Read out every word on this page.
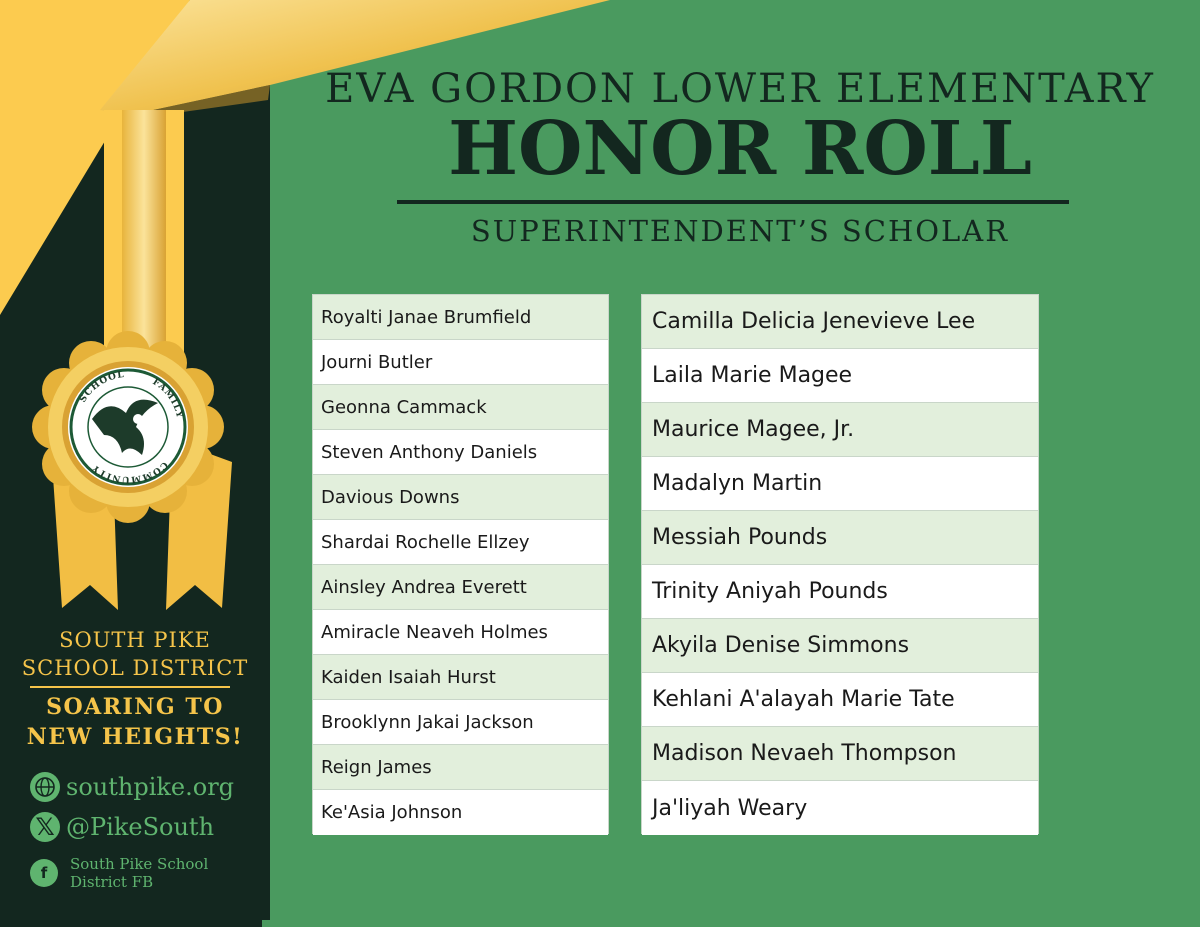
SCHOOL
FAMILY
COMMUNITY
SOUTH PIKE
SCHOOL DISTRICT
SOARING TO
NEW HEIGHTS!
southpike.org
𝕏 @PikeSouth
f	South Pike School
District FB
EVA GORDON LOWER ELEMENTARY
HONOR ROLL
SUPERINTENDENT’S SCHOLAR
Royalti Janae Brumfield
Journi Butler
Geonna Cammack
Steven Anthony Daniels
Davious Downs
Shardai Rochelle Ellzey
Ainsley Andrea Everett
Amiracle Neaveh Holmes
Kaiden Isaiah Hurst
Brooklynn Jakai Jackson
Reign James
Ke'Asia Johnson
Camilla Delicia Jenevieve Lee
Laila Marie Magee
Maurice Magee, Jr.
Madalyn Martin
Messiah Pounds
Trinity Aniyah Pounds
Akyila Denise Simmons
Kehlani A'alayah Marie Tate
Madison Nevaeh Thompson
Ja'liyah Weary
